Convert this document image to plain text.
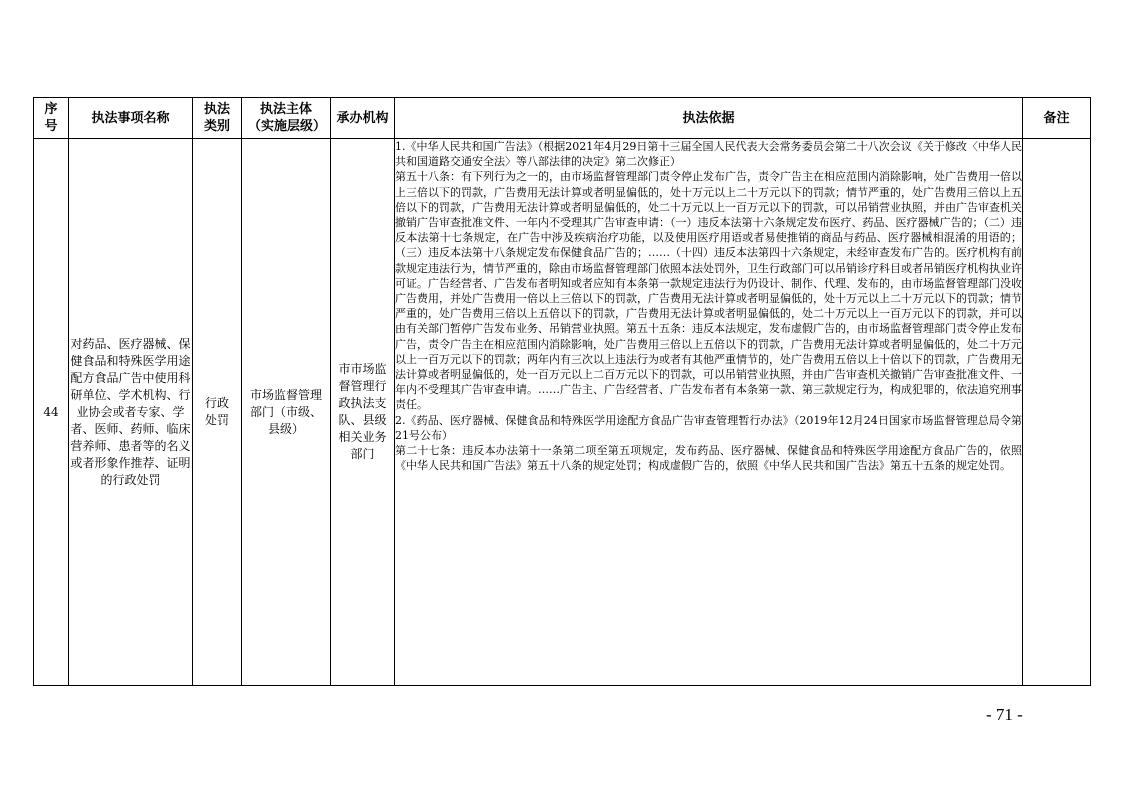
序号	执法事项名称	执法类别	执法主体（实施层级）	承办机构	执法依据	备注
44	对药品、医疗器械、保健食品和特殊医学用途配方食品广告中使用科研单位、学术机构、行业协会或者专家、学者、医师、药师、临床营养师、患者等的名义或者形象作推荐、证明的行政处罚	行政处罚	市场监督管理部门（市级、县级）	市市场监督管理行政执法支队、县级相关业务部门	1.《中华人民共和国广告法》（根据2021年4月29日第十三届全国人民代表大会常务委员会第二十八次会议《关于修改〈中华人民共和国道路交通安全法〉等八部法律的决定》第二次修正）

第五十八条：有下列行为之一的，由市场监督管理部门责令停止发布广告，责令广告主在相应范围内消除影响，处广告费用一倍以上三倍以下的罚款，广告费用无法计算或者明显偏低的，处十万元以上二十万元以下的罚款；情节严重的，处广告费用三倍以上五倍以下的罚款，广告费用无法计算或者明显偏低的，处二十万元以上一百万元以下的罚款，可以吊销营业执照，并由广告审查机关撤销广告审查批准文件、一年内不受理其广告审查申请：（一）违反本法第十六条规定发布医疗、药品、医疗器械广告的；（二）违反本法第十七条规定，在广告中涉及疾病治疗功能，以及使用医疗用语或者易使推销的商品与药品、医疗器械相混淆的用语的；（三）违反本法第十八条规定发布保健食品广告的；……（十四）违反本法第四十六条规定，未经审查发布广告的。医疗机构有前款规定违法行为，情节严重的，除由市场监督管理部门依照本法处罚外，卫生行政部门可以吊销诊疗科目或者吊销医疗机构执业许可证。广告经营者、广告发布者明知或者应知有本条第一款规定违法行为仍设计、制作、代理、发布的，由市场监督管理部门没收广告费用，并处广告费用一倍以上三倍以下的罚款，广告费用无法计算或者明显偏低的，处十万元以上二十万元以下的罚款；情节严重的，处广告费用三倍以上五倍以下的罚款，广告费用无法计算或者明显偏低的，处二十万元以上一百万元以下的罚款，并可以由有关部门暂停广告发布业务、吊销营业执照。第五十五条：违反本法规定，发布虚假广告的，由市场监督管理部门责令停止发布广告，责令广告主在相应范围内消除影响，处广告费用三倍以上五倍以下的罚款，广告费用无法计算或者明显偏低的，处二十万元以上一百万元以下的罚款；两年内有三次以上违法行为或者有其他严重情节的，处广告费用五倍以上十倍以下的罚款，广告费用无法计算或者明显偏低的，处一百万元以上二百万元以下的罚款，可以吊销营业执照，并由广告审查机关撤销广告审查批准文件、一年内不受理其广告审查申请。……广告主、广告经营者、广告发布者有本条第一款、第三款规定行为，构成犯罪的，依法追究刑事责任。

2.《药品、医疗器械、保健食品和特殊医学用途配方食品广告审查管理暂行办法》（2019年12月24日国家市场监督管理总局令第21号公布）

第二十七条：违反本办法第十一条第二项至第五项规定，发布药品、医疗器械、保健食品和特殊医学用途配方食品广告的，依照《中华人民共和国广告法》第五十八条的规定处罚；构成虚假广告的，依照《中华人民共和国广告法》第五十五条的规定处罚。	

- 71 -
